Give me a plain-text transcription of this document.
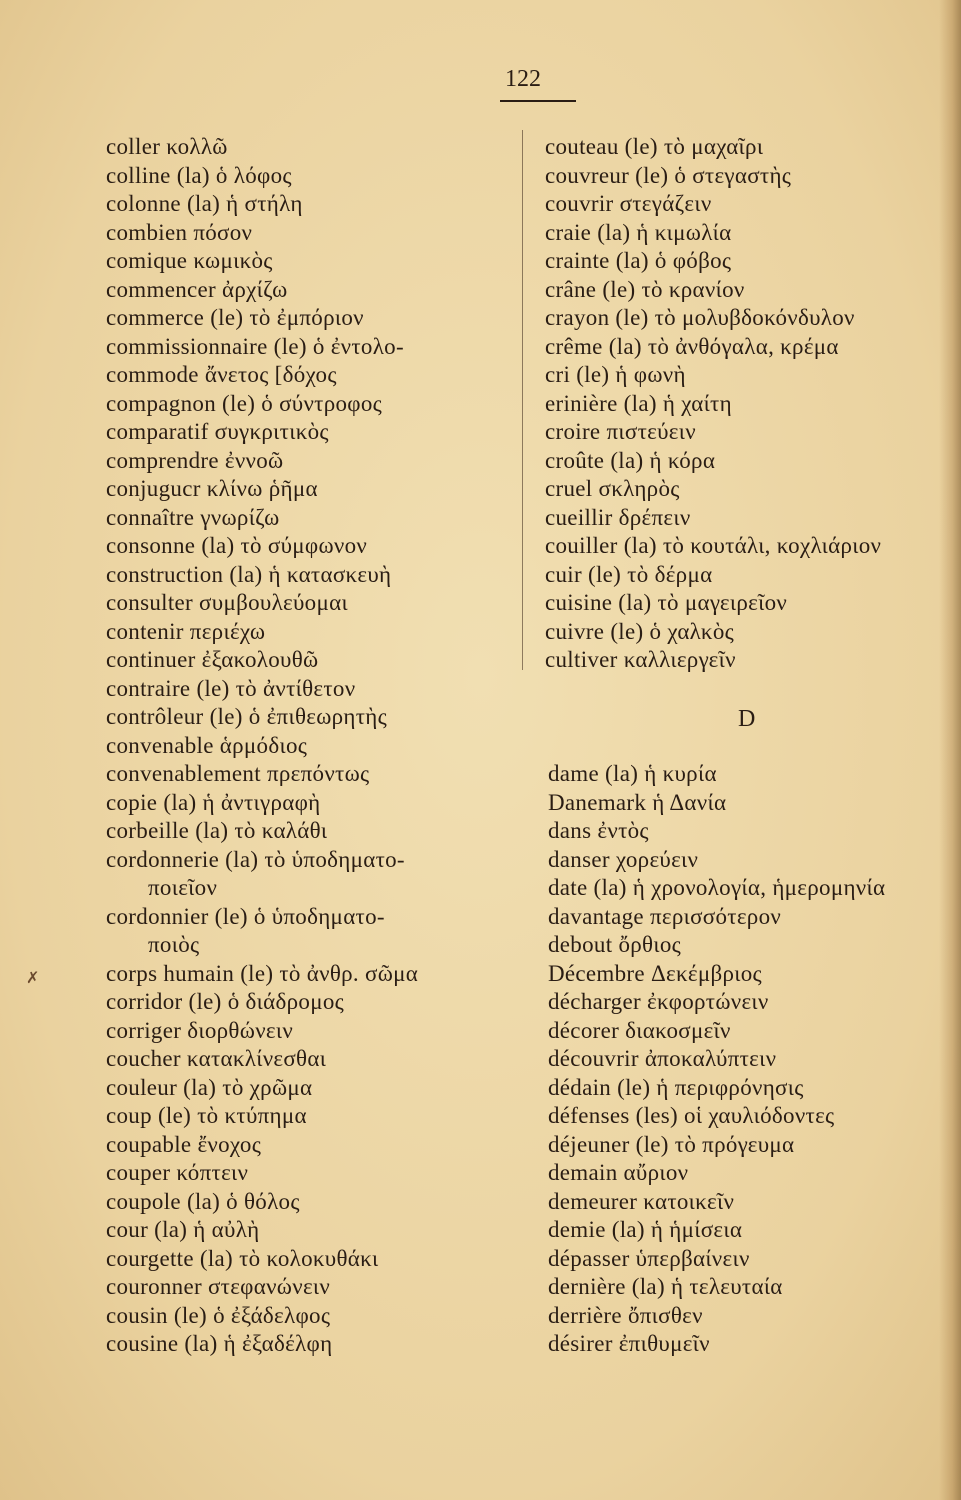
122
coller κολλῶ
colline (la) ὁ λόφος
colonne (la) ἡ στήλη
combien πόσον
comique κωμικὸς
commencer ἀρχίζω
commerce (le) τὸ ἐμπόριον
commissionnaire (le) ὁ ἐντολο-
commode ἄνετος [δόχος
compagnon (le) ὁ σύντροφος
comparatif συγκριτικὸς
comprendre ἐννοῶ
conjugucr κλίνω ῥῆμα
connaître γνωρίζω
consonne (la) τὸ σύμφωνον
construction (la) ἡ κατασκευὴ
consulter συμβουλεύομαι
contenir περιέχω
continuer ἐξακολουθῶ
contraire (le) τὸ ἀντίθετον
contrôleur (le) ὁ ἐπιθεωρητὴς
convenable ἁρμόδιος
convenablement πρεπόντως
copie (la) ἡ ἀντιγραφὴ
corbeille (la) τὸ καλάθι
cordonnerie (la) τὸ ὑποδηματο-
ποιεῖον
cordonnier (le) ὁ ὑποδηματο-
ποιὸς
corps humain (le) τὸ ἀνθρ. σῶμα
corridor (le) ὁ διάδρομος
corriger διορθώνειν
coucher κατακλίνεσθαι
couleur (la) τὸ χρῶμα
coup (le) τὸ κτύπημα
coupable ἔνοχος
couper κόπτειν
coupole (la) ὁ θόλος
cour (la) ἡ αὐλὴ
courgette (la) τὸ κολοκυθάκι
couronner στεφανώνειν
cousin (le) ὁ ἐξάδελφος
cousine (la) ἡ ἐξαδέλφη
couteau (le) τὸ μαχαῖρι
couvreur (le) ὁ στεγαστὴς
couvrir στεγάζειν
craie (la) ἡ κιμωλία
crainte (la) ὁ φόβος
crâne (le) τὸ κρανίον
crayon (le) τὸ μολυβδοκόνδυλον
crême (la) τὸ ἀνθόγαλα, κρέμα
cri (le) ἡ φωνὴ
erinière (la) ἡ χαίτη
croire πιστεύειν
croûte (la) ἡ κόρα
cruel σκληρὸς
cueillir δρέπειν
couiller (la) τὸ κουτάλι, κοχλιάριον
cuir (le) τὸ δέρμα
cuisine (la) τὸ μαγειρεῖον
cuivre (le) ὁ χαλκὸς
cultiver καλλιεργεῖν
D
dame (la) ἡ κυρία
Danemark ἡ Δανία
dans ἐντὸς
danser χορεύειν
date (la) ἡ χρονολογία, ἡμερομηνία
davantage περισσότερον
debout ὄρθιος
Décembre Δεκέμβριος
décharger ἐκφορτώνειν
décorer διακοσμεῖν
découvrir ἀποκαλύπτειν
dédain (le) ἡ περιφρόνησις
défenses (les) οἱ χαυλιόδοντες
déjeuner (le) τὸ πρόγευμα
demain αὔριον
demeurer κατοικεῖν
demie (la) ἡ ἡμίσεια
dépasser ὑπερβαίνειν
dernière (la) ἡ τελευταία
derrière ὄπισθεν
désirer ἐπιθυμεῖν
✗
